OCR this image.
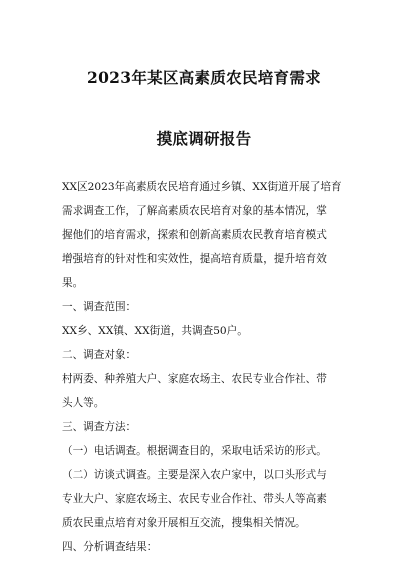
2023年某区高素质农民培育需求
摸底调研报告
XX区2023年高素质农民培育通过乡镇、XX街道开展了培育
需求调查工作，了解高素质农民培育对象的基本情况，掌
握他们的培育需求，探索和创新高素质农民教育培育模式
增强培育的针对性和实效性，提高培育质量，提升培育效
果。
一、调查范围：
XX乡、XX镇、XX街道，共调查50户。
二、调查对象：
村两委、种养殖大户、家庭农场主、农民专业合作社、带
头人等。
三、调查方法：
（一）电话调查。根据调查目的，采取电话采访的形式。
（二）访谈式调查。主要是深入农户家中，以口头形式与
专业大户、家庭农场主、农民专业合作社、带头人等高素
质农民重点培育对象开展相互交流，搜集相关情况。
四、分析调查结果：
